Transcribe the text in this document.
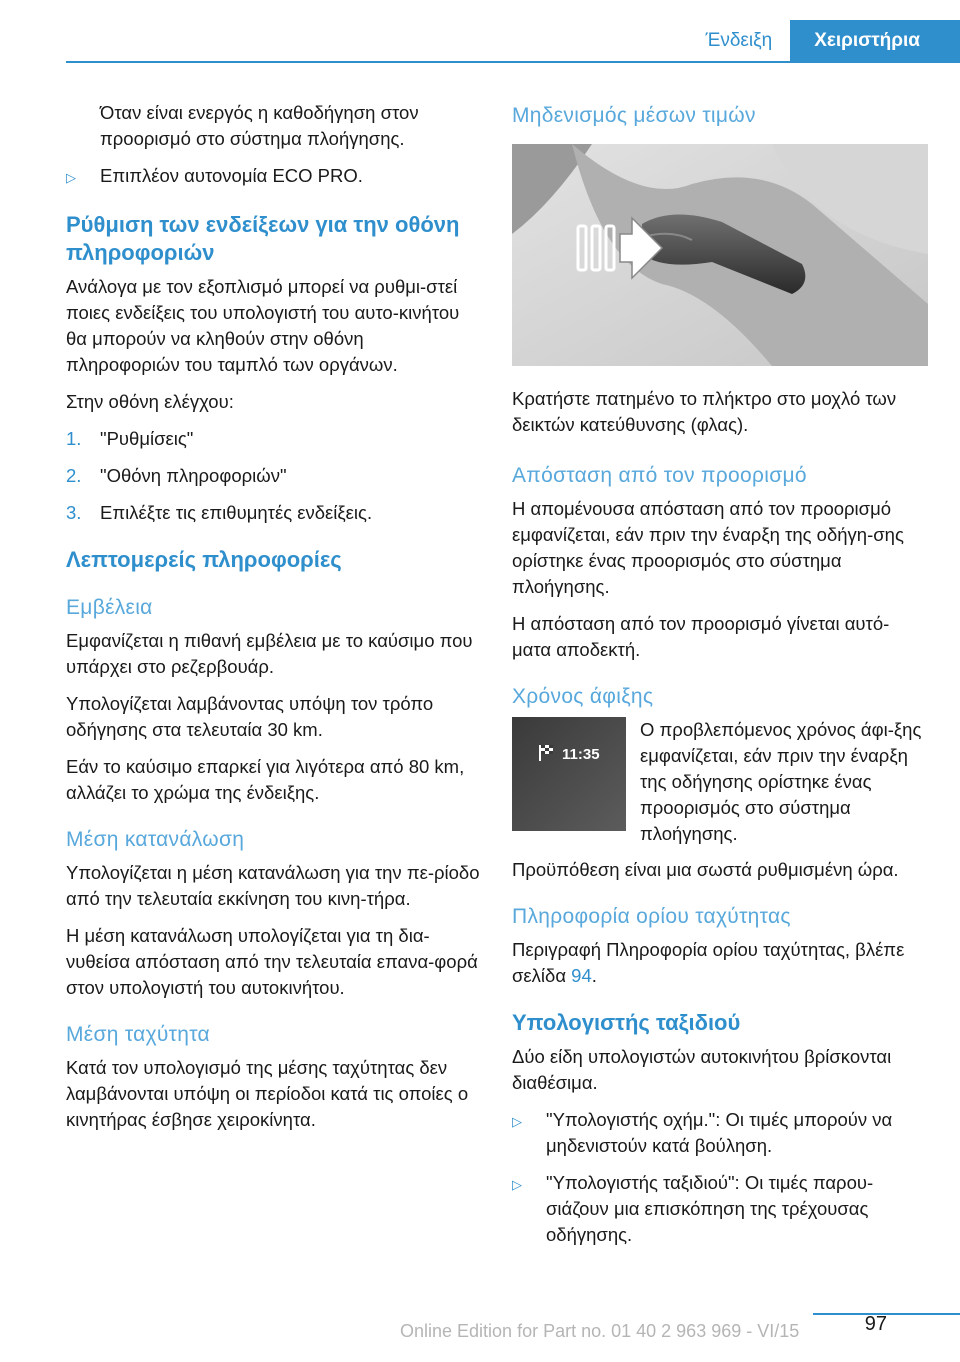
Ένδειξη	Χειριστήρια

Όταν είναι ενεργός η καθοδήγηση στον προορισμό στο σύστημα πλοήγησης.

▷	Επιπλέον αυτονομία ECO PRO.
Ρύθμιση των ενδείξεων για την οθόνη πληροφοριών

Ανάλογα με τον εξοπλισμό μπορεί να ρυθμι-στεί ποιες ενδείξεις του υπολογιστή του αυτο-κινήτου θα μπορούν να κληθούν στην οθόνη πληροφοριών του ταμπλό των οργάνων.

Στην οθόνη ελέγχου:

1.	"Ρυθμίσεις"
2.	"Οθόνη πληροφοριών"
3.	Επιλέξτε τις επιθυμητές ενδείξεις.
Λεπτομερείς πληροφορίες
Εμβέλεια

Εμφανίζεται η πιθανή εμβέλεια με το καύσιμο που υπάρχει στο ρεζερβουάρ.

Υπολογίζεται λαμβάνοντας υπόψη τον τρόπο οδήγησης στα τελευταία 30 km.

Εάν το καύσιμο επαρκεί για λιγότερα από 80 km, αλλάζει το χρώμα της ένδειξης.

Μέση κατανάλωση

Υπολογίζεται η μέση κατανάλωση για την πε-ρίοδο από την τελευταία εκκίνηση του κινη-τήρα.

Η μέση κατανάλωση υπολογίζεται για τη δια-νυθείσα απόσταση από την τελευταία επανα-φορά στον υπολογιστή του αυτοκινήτου.

Μέση ταχύτητα

Κατά τον υπολογισμό της μέσης ταχύτητας δεν λαμβάνονται υπόψη οι περίοδοι κατά τις οποίες ο κινητήρας έσβησε χειροκίνητα.

Μηδενισμός μέσων τιμών

Κρατήστε πατημένο το πλήκτρο στο μοχλό των δεικτών κατεύθυνσης (φλας).

Απόσταση από τον προορισμό

Η απομένουσα απόσταση από τον προορισμό εμφανίζεται, εάν πριν την έναρξη της οδήγη-σης ορίστηκε ένας προορισμός στο σύστημα πλοήγησης.

Η απόσταση από τον προορισμό γίνεται αυτό-ματα αποδεκτή.

Χρόνος άφιξης
11:35

Ο προβλεπόμενος χρόνος άφι-ξης εμφανίζεται, εάν πριν την έναρξη της οδήγησης ορίστηκε ένας προορισμός στο σύστημα πλοήγησης.

Προϋπόθεση είναι μια σωστά ρυθμισμένη ώρα.

Πληροφορία ορίου ταχύτητας

Περιγραφή Πληροφορία ορίου ταχύτητας, βλέπε σελίδα 94.

Υπολογιστής ταξιδιού

Δύο είδη υπολογιστών αυτοκινήτου βρίσκονται διαθέσιμα.

▷	"Υπολογιστής οχήμ.": Οι τιμές μπορούν να μηδενιστούν κατά βούληση.
▷	"Υπολογιστής ταξιδιού": Οι τιμές παρου-σιάζουν μια επισκόπηση της τρέχουσας οδήγησης.
Online Edition for Part no. 01 40 2 963 969 - VI/15	97
